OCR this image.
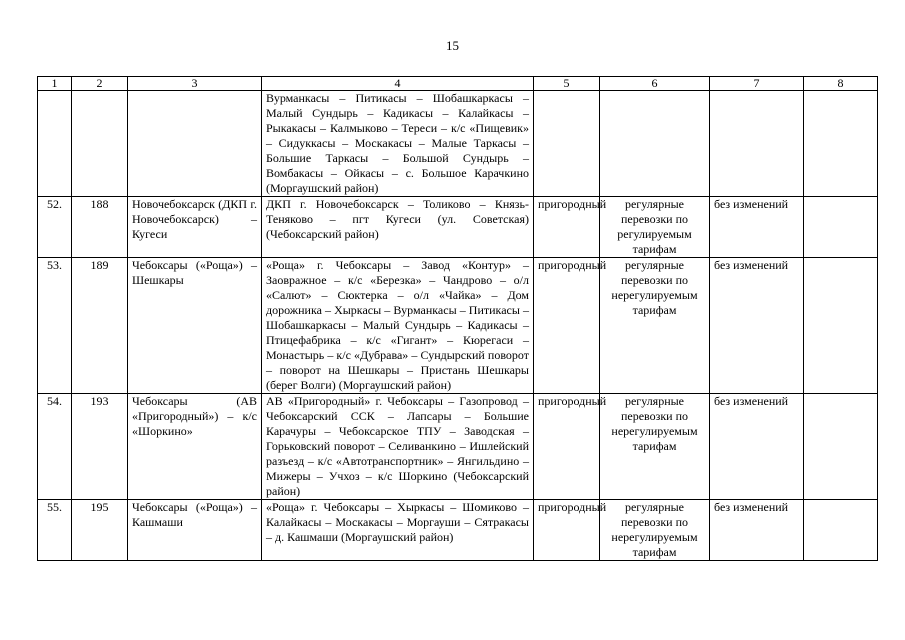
15
1	2	3	4	5	6	7	8
			Вурманкасы – Питикасы – Шобашкаркасы – Малый Сундырь – Кадикасы – Калайкасы – Рыкакасы – Калмыково – Тереси – к/с «Пищевик» – Сидуккасы – Москакасы – Малые Таркасы – Большие Таркасы – Большой Сундырь – Вомбакасы – Ойкасы – с. Большое Карачкино (Моргаушский район)				
52.	188	Новочебоксарск (ДКП г. Новочебоксарск) – Кугеси	ДКП г. Новочебоксарск – Толиково – Князь-Теняково – пгт Кугеси (ул. Советская) (Чебоксарский район)	пригородный	регулярные перевозки по регулируемым тарифам	без изменений	
53.	189	Чебоксары («Роща») – Шешкары	«Роща» г. Чебоксары – Завод «Контур» – Заовражное – к/с «Березка» – Чандрово – о/л «Салют» – Сюктерка – о/л «Чайка» – Дом дорожника – Хыркасы – Вурманкасы – Питикасы – Шобашкаркасы – Малый Сундырь – Кадикасы – Птицефабрика – к/с «Гигант» – Кюрегаси – Монастырь – к/с «Дубрава» – Сундырский поворот – поворот на Шешкары – Пристань Шешкары (берег Волги) (Моргаушский район)	пригородный	регулярные перевозки по нерегулируемым тарифам	без изменений	
54.	193	Чебоксары (АВ «Пригородный») – к/с «Шоркино»	АВ «Пригородный» г. Чебоксары – Газопровод – Чебоксарский ССК – Лапсары – Большие Карачуры – Чебоксарское ТПУ – Заводская – Горьковский поворот – Селиванкино – Ишлейский разъезд – к/с «Автотранспортник» – Янгильдино – Мижеры – Учхоз – к/с Шоркино (Чебоксарский район)	пригородный	регулярные перевозки по нерегулируемым тарифам	без изменений	
55.	195	Чебоксары («Роща») – Кашмаши	«Роща» г. Чебоксары – Хыркасы – Шомиково – Калайкасы – Москакасы – Моргауши – Сятракасы – д. Кашмаши (Моргаушский район)	пригородный	регулярные перевозки по нерегулируемым тарифам	без изменений	
